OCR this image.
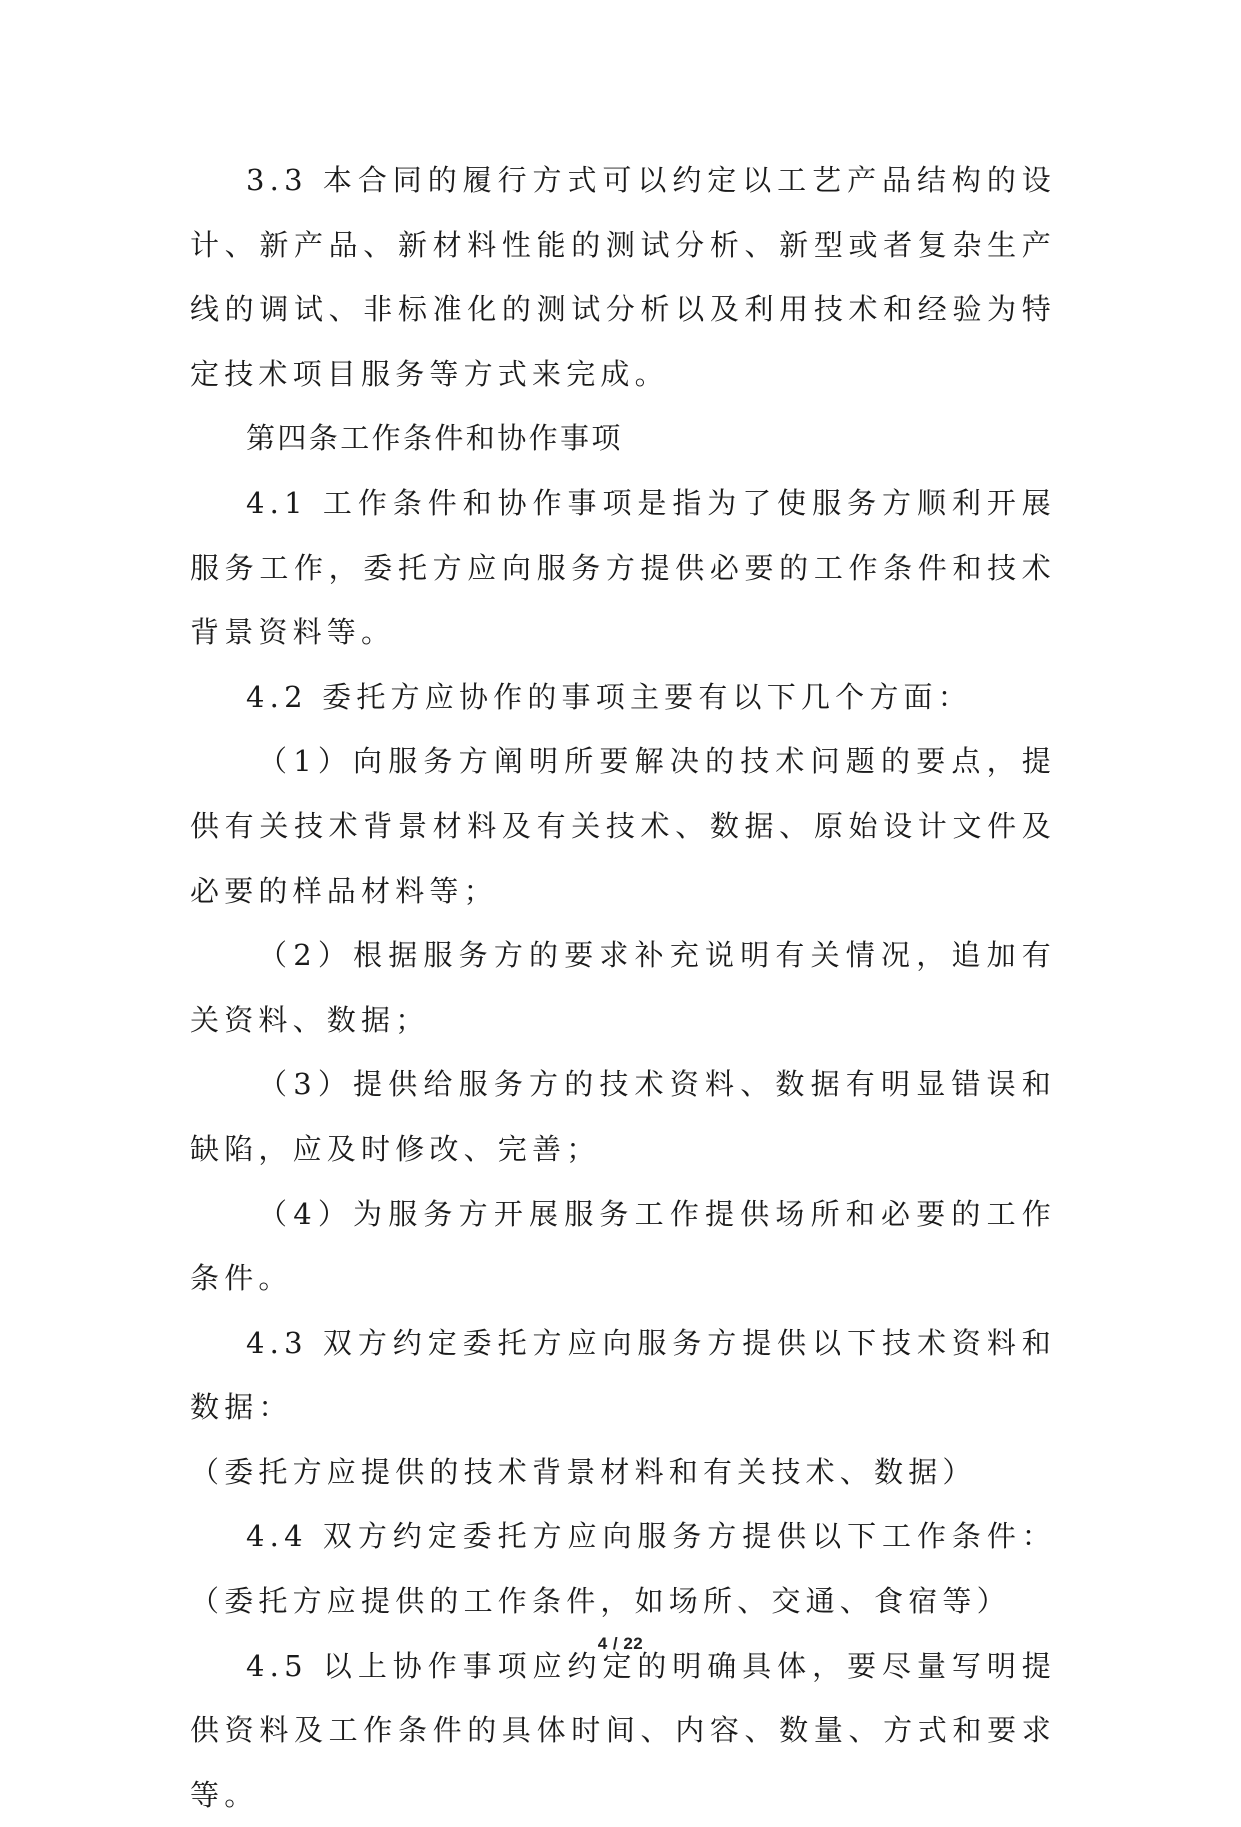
3.3 本合同的履行方式可以约定以工艺产品结构的设计、新产品、新材料性能的测试分析、新型或者复杂生产线的调试、非标准化的测试分析以及利用技术和经验为特定技术项目服务等方式来完成。

第四条工作条件和协作事项

4.1 工作条件和协作事项是指为了使服务方顺利开展服务工作，委托方应向服务方提供必要的工作条件和技术背景资料等。

4.2 委托方应协作的事项主要有以下几个方面：

（1）向服务方阐明所要解决的技术问题的要点，提供有关技术背景材料及有关技术、数据、原始设计文件及必要的样品材料等；

（2）根据服务方的要求补充说明有关情况，追加有关资料、数据；

（3）提供给服务方的技术资料、数据有明显错误和缺陷，应及时修改、完善；

（4）为服务方开展服务工作提供场所和必要的工作条件。

4.3 双方约定委托方应向服务方提供以下技术资料和数据：

（委托方应提供的技术背景材料和有关技术、数据）

4.4 双方约定委托方应向服务方提供以下工作条件：（委托方应提供的工作条件，如场所、交通、食宿等）

4.5 以上协作事项应约定的明确具体，要尽量写明提供资料及工作条件的具体时间、内容、数量、方式和要求等。

4 / 22
